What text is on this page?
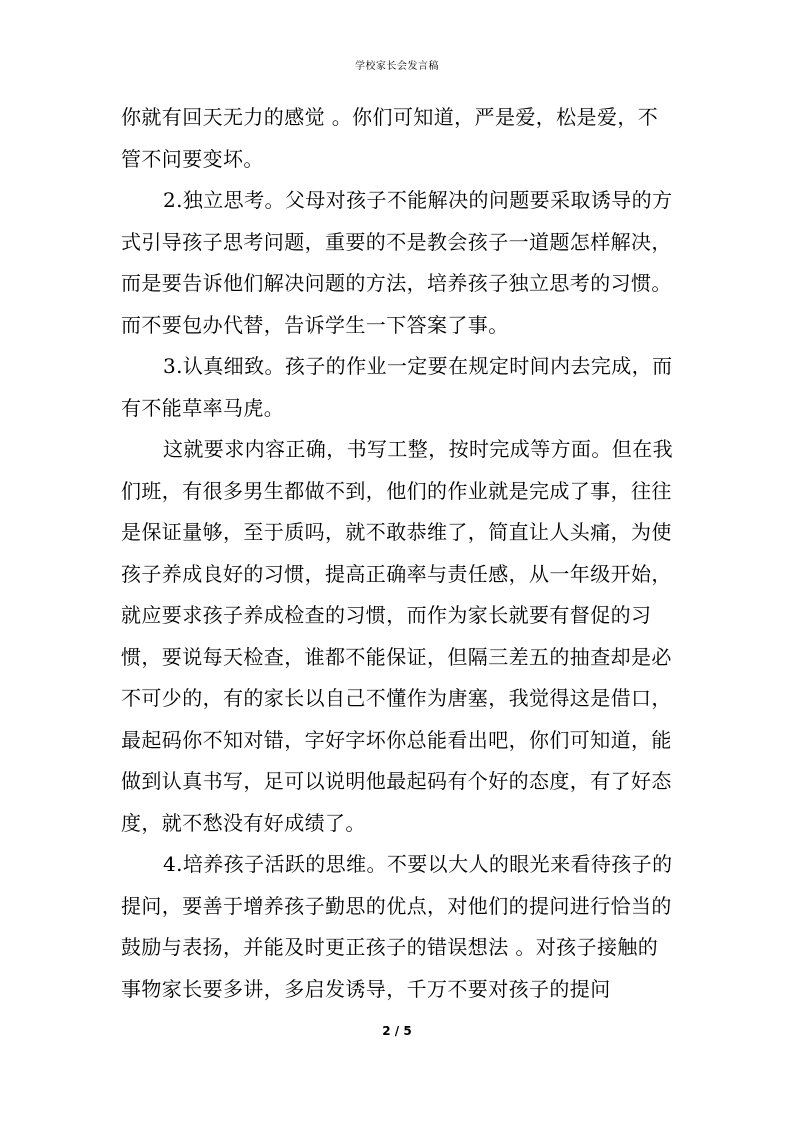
学校家长会发言稿

你就有回天无力的感觉 。你们可知道，严是爱，松是爱，不管不问要变坏。

2.独立思考。父母对孩子不能解决的问题要采取诱导的方式引导孩子思考问题，重要的不是教会孩子一道题怎样解决，而是要告诉他们解决问题的方法，培养孩子独立思考的习惯。而不要包办代替，告诉学生一下答案了事。

3.认真细致。孩子的作业一定要在规定时间内去完成，而有不能草率马虎。

这就要求内容正确，书写工整，按时完成等方面。但在我们班，有很多男生都做不到，他们的作业就是完成了事，往往是保证量够，至于质吗，就不敢恭维了，简直让人头痛，为使孩子养成良好的习惯，提高正确率与责任感，从一年级开始，就应要求孩子养成检查的习惯，而作为家长就要有督促的习惯，要说每天检查，谁都不能保证，但隔三差五的抽查却是必不可少的，有的家长以自己不懂作为唐塞，我觉得这是借口，最起码你不知对错，字好字坏你总能看出吧，你们可知道，能做到认真书写，足可以说明他最起码有个好的态度，有了好态度，就不愁没有好成绩了。

4.培养孩子活跃的思维。不要以大人的眼光来看待孩子的提问，要善于增养孩子勤思的优点，对他们的提问进行恰当的鼓励与表扬，并能及时更正孩子的错误想法 。对孩子接触的事物家长要多讲，多启发诱导，千万不要对孩子的提问

2 / 5
